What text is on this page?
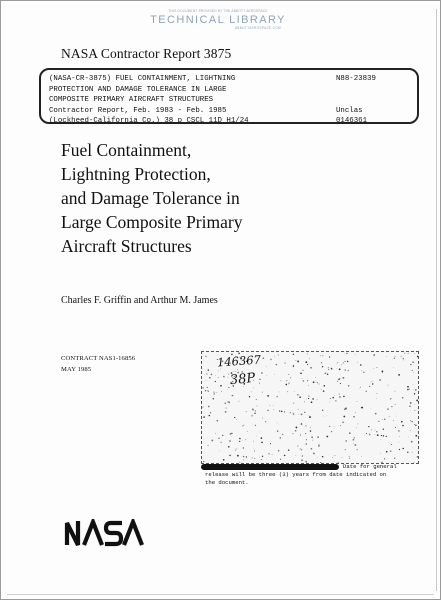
THIS DOCUMENT PROVIDED BY THE ABBOTT AEROSPACE
TECHNICAL LIBRARY
ABBOTTAEROSPACE.COM
NASA Contractor Report 3875
(NASA-CR-3875) FUEL CONTAINMENT, LIGHTNING	N88-23839
PROTECTION AND DAMAGE TOLERANCE IN LARGE
COMPOSITE PRIMARY AIRCRAFT STRUCTURES
Contractor Report, Feb. 1983 - Feb. 1985	Unclas
(Lockheed-California Co.) 38 p CSCL 11D H1/24	0146361
Fuel Containment,
Lightning Protection,
and Damage Tolerance in
Large Composite Primary
Aircraft Structures
Charles F. Griffin and Arthur M. James
CONTRACT NAS1-16856
MAY 1985	146367
38P
Date for general
release will be three (3) years from date indicated on
the document.
